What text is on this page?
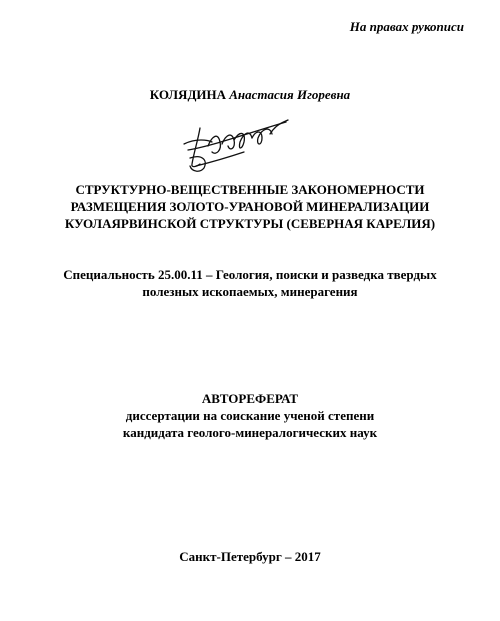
На правах рукописи
КОЛЯДИНА Анастасия Игоревна
СТРУКТУРНО-ВЕЩЕСТВЕННЫЕ ЗАКОНОМЕРНОСТИ
РАЗМЕЩЕНИЯ ЗОЛОТО-УРАНОВОЙ МИНЕРАЛИЗАЦИИ
КУОЛАЯРВИНСКОЙ СТРУКТУРЫ (СЕВЕРНАЯ КАРЕЛИЯ)
Специальность 25.00.11 – Геология, поиски и разведка твердых
полезных ископаемых, минерагения
АВТОРЕФЕРАТ
диссертации на соискание ученой степени
кандидата геолого-минералогических наук
Санкт-Петербург – 2017
